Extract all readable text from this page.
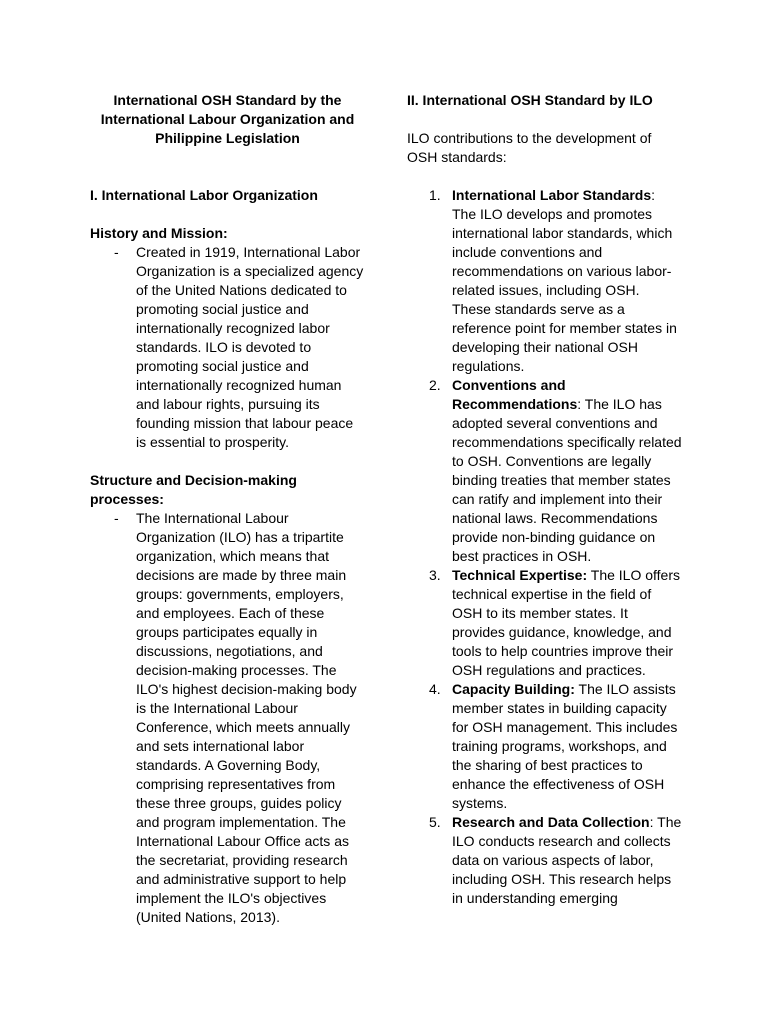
International OSH Standard by the International Labour Organization and Philippine Legislation
I. International Labor Organization
History and Mission:
- Created in 1919, International Labor Organization is a specialized agency of the United Nations dedicated to promoting social justice and internationally recognized labor standards. ILO is devoted to promoting social justice and internationally recognized human and labour rights, pursuing its founding mission that labour peace is essential to prosperity.
Structure and Decision-making processes:
- The International Labour Organization (ILO) has a tripartite organization, which means that decisions are made by three main groups: governments, employers, and employees. Each of these groups participates equally in discussions, negotiations, and decision-making processes. The ILO's highest decision-making body is the International Labour Conference, which meets annually and sets international labor standards. A Governing Body, comprising representatives from these three groups, guides policy and program implementation. The International Labour Office acts as the secretariat, providing research and administrative support to help implement the ILO's objectives (United Nations, 2013).
II. International OSH Standard by ILO
ILO contributions to the development of OSH standards:
1. International Labor Standards: The ILO develops and promotes international labor standards, which include conventions and recommendations on various labor-related issues, including OSH. These standards serve as a reference point for member states in developing their national OSH regulations.
2. Conventions and Recommendations: The ILO has adopted several conventions and recommendations specifically related to OSH. Conventions are legally binding treaties that member states can ratify and implement into their national laws. Recommendations provide non-binding guidance on best practices in OSH.
3. Technical Expertise: The ILO offers technical expertise in the field of OSH to its member states. It provides guidance, knowledge, and tools to help countries improve their OSH regulations and practices.
4. Capacity Building: The ILO assists member states in building capacity for OSH management. This includes training programs, workshops, and the sharing of best practices to enhance the effectiveness of OSH systems.
5. Research and Data Collection: The ILO conducts research and collects data on various aspects of labor, including OSH. This research helps in understanding emerging
